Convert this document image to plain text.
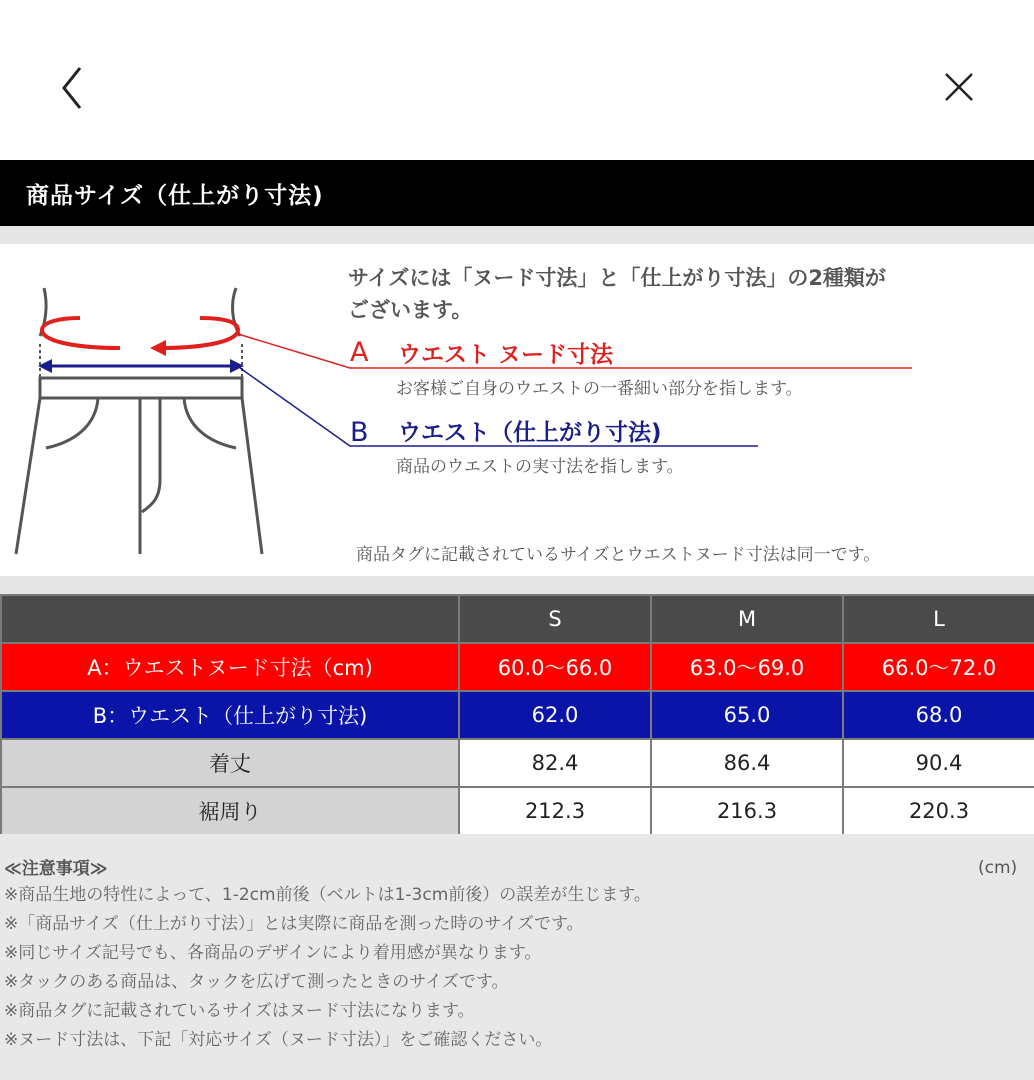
商品サイズ（仕上がり寸法)
サイズには「ヌード寸法」と「仕上がり寸法」の2種類が
ございます。
A ウエスト ヌード寸法
お客様ご自身のウエストの一番細い部分を指します。
B ウエスト（仕上がり寸法)
商品のウエストの実寸法を指します。
商品タグに記載されているサイズとウエストヌード寸法は同一です。
	S	M	L
A：ウエストヌード寸法（cm)	60.0〜66.0	63.0〜69.0	66.0〜72.0
B：ウエスト（仕上がり寸法)	62.0	65.0	68.0
着丈	82.4	86.4	90.4
裾周り	212.3	216.3	220.3
≪注意事項≫	(cm)
※商品生地の特性によって、1-2cm前後（ベルトは1-3cm前後）の誤差が生じます。
※「商品サイズ（仕上がり寸法）」とは実際に商品を測った時のサイズです。
※同じサイズ記号でも、各商品のデザインにより着用感が異なります。
※タックのある商品は、タックを広げて測ったときのサイズです。
※商品タグに記載されているサイズはヌード寸法になります。
※ヌード寸法は、下記「対応サイズ（ヌード寸法）」をご確認ください。
